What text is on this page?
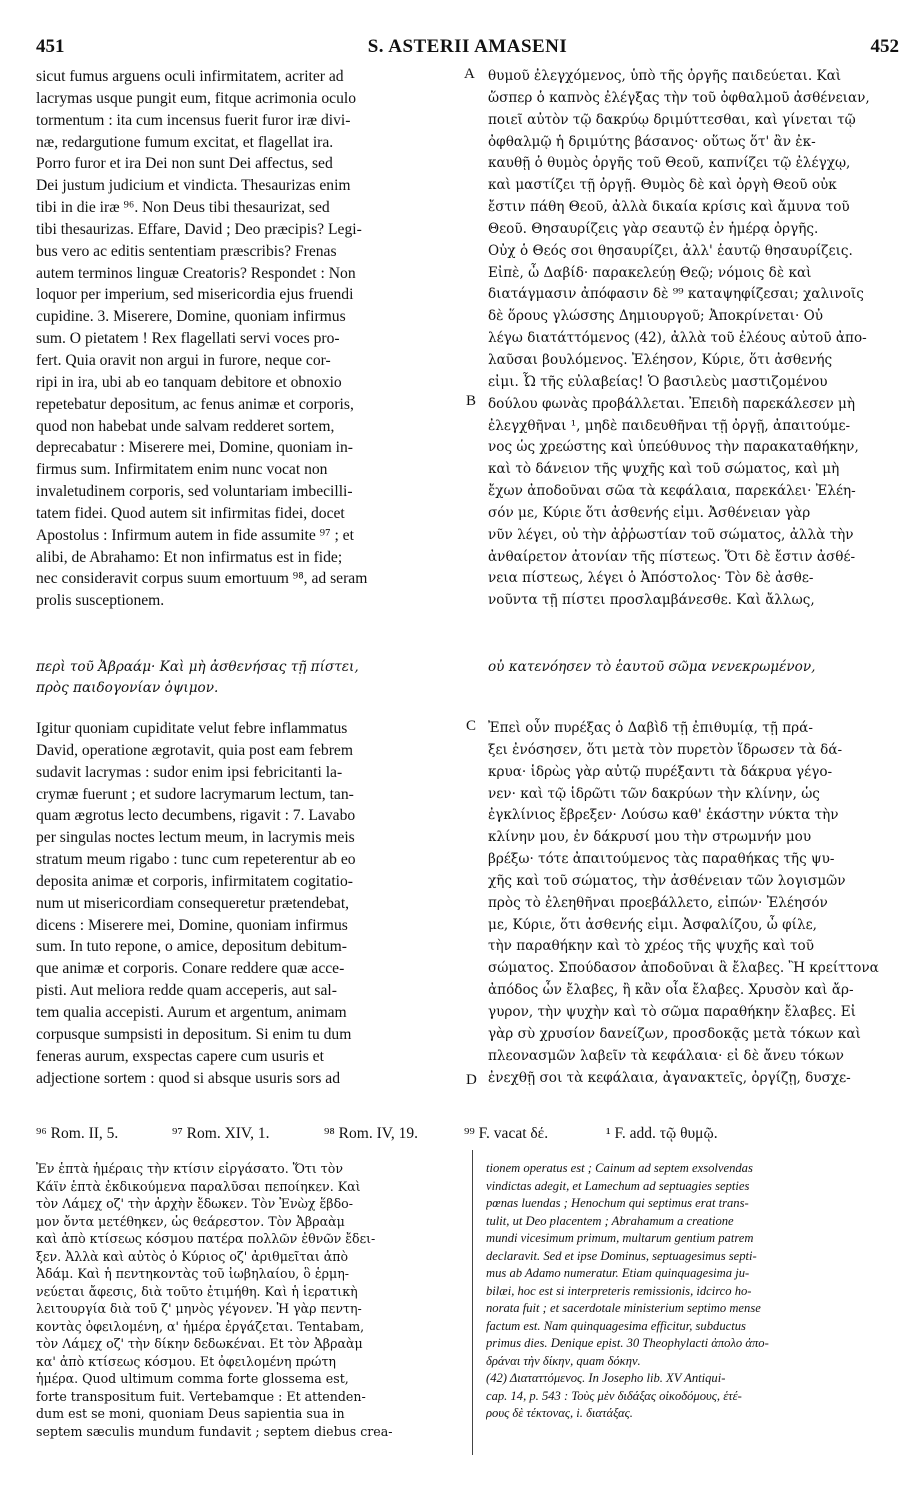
451	S. ASTERII AMASENI	452
sicut fumus arguens oculi infirmitatem, acriter ad
lacrymas usque pungit eum, fitque acrimonia oculo
tormentum : ita cum incensus fuerit furor iræ divi-
næ, redargutione fumum excitat, et flagellat ira.
Porro furor et ira Dei non sunt Dei affectus, sed
Dei justum judicium et vindicta. Thesaurizas enim
tibi in die iræ ⁹⁶. Non Deus tibi thesaurizat, sed
tibi thesaurizas. Effare, David ; Deo præcipis? Legi-
bus vero ac editis sententiam præscribis? Frenas
autem terminos linguæ Creatoris? Respondet : Non
loquor per imperium, sed misericordia ejus fruendi
cupidine. 3. Miserere, Domine, quoniam infirmus
sum. O pietatem ! Rex flagellati servi voces pro-
fert. Quia oravit non argui in furore, neque cor-
ripi in ira, ubi ab eo tanquam debitore et obnoxio
repetebatur depositum, ac fenus animæ et corporis,
quod non habebat unde salvam redderet sortem,
deprecabatur : Miserere mei, Domine, quoniam in-
firmus sum. Infirmitatem enim nunc vocat non
invaletudinem corporis, sed voluntariam imbecilli-
tatem fidei. Quod autem sit infirmitas fidei, docet
Apostolus : Infirmum autem in fide assumite ⁹⁷ ; et
alibi, de Abrahamo: Et non infirmatus est in fide;
nec consideravit corpus suum emortuum ⁹⁸, ad seram
prolis susceptionem.
θυμοῦ ἐλεγχόμενος, ὑπὸ τῆς ὀργῆς παιδεύεται. Καὶ
ὥσπερ ὁ καπνὸς ἐλέγξας τὴν τοῦ ὀφθαλμοῦ ἀσθένειαν,
ποιεῖ αὐτὸν τῷ δακρύῳ δριμύττεσθαι, καὶ γίνεται τῷ
ὀφθαλμῷ ἡ δριμύτης βάσανος· οὕτως ὅτ' ἂν ἐκ-
καυθῇ ὁ θυμὸς ὀργῆς τοῦ Θεοῦ, καπνίζει τῷ ἐλέγχῳ,
καὶ μαστίζει τῇ ὀργῇ. Θυμὸς δὲ καὶ ὀργὴ Θεοῦ οὐκ
ἔστιν πάθη Θεοῦ, ἀλλὰ δικαία κρίσις καὶ ἄμυνα τοῦ
Θεοῦ. Θησαυρίζεις γὰρ σεαυτῷ ἐν ἡμέρᾳ ὀργῆς.
Οὐχ ὁ Θεός σοι θησαυρίζει, ἀλλ' ἑαυτῷ θησαυρίζεις.
Εἰπὲ, ὦ Δαβίδ· παρακελεύῃ Θεῷ; νόμοις δὲ καὶ
διατάγμασιν ἀπόφασιν δὲ ⁹⁹ καταψηφίζεσαι; χαλινοῖς
δὲ ὅρους γλώσσης Δημιουργοῦ; Ἀποκρίνεται· Οὐ
λέγω διατάττόμενος (42), ἀλλὰ τοῦ ἐλέους αὐτοῦ ἀπο-
λαῦσαι βουλόμενος. Ἐλέησον, Κύριε, ὅτι ἀσθενής
εἰμι. Ὦ τῆς εὐλαβείας! Ὁ βασιλεὺς μαστιζομένου
δούλου φωνὰς προβάλλεται. Ἐπειδὴ παρεκάλεσεν μὴ
ἐλεγχθῆναι ¹, μηδὲ παιδευθῆναι τῇ ὀργῇ, ἀπαιτούμε-
νος ὡς χρεώστης καὶ ὑπεύθυνος τὴν παρακαταθήκην,
καὶ τὸ δάνειον τῆς ψυχῆς καὶ τοῦ σώματος, καὶ μὴ
ἔχων ἀποδοῦναι σῶα τὰ κεφάλαια, παρεκάλει· Ἐλέη-
σόν με, Κύριε ὅτι ἀσθενής εἰμι. Ἀσθένειαν γὰρ
νῦν λέγει, οὐ τὴν ἀῤῥωστίαν τοῦ σώματος, ἀλλὰ τὴν
ἀνθαίρετον ἀτονίαν τῆς πίστεως. Ὅτι δὲ ἔστιν ἀσθέ-
νεια πίστεως, λέγει ὁ Ἀπόστολος· Τὸν δὲ ἀσθε-
νοῦντα τῇ πίστει προσλαμβάνεσθε. Καὶ ἄλλως,
A
B
C
D
περὶ τοῦ Ἀβραάμ· Καὶ μὴ ἀσθενήσας τῇ πίστει,
πρὸς παιδογονίαν ὀψιμον.
οὐ κατενόησεν τὸ ἑαυτοῦ σῶμα νενεκρωμένον,
Igitur quoniam cupiditate velut febre inflammatus
David, operatione ægrotavit, quia post eam febrem
sudavit lacrymas : sudor enim ipsi febricitanti la-
crymæ fuerunt ; et sudore lacrymarum lectum, tan-
quam ægrotus lecto decumbens, rigavit : 7. Lavabo
per singulas noctes lectum meum, in lacrymis meis
stratum meum rigabo : tunc cum repeterentur ab eo
deposita animæ et corporis, infirmitatem cogitatio-
num ut misericordiam consequeretur prætendebat,
dicens : Miserere mei, Domine, quoniam infirmus
sum. In tuto repone, o amice, depositum debitum-
que animæ et corporis. Conare reddere quæ acce-
pisti. Aut meliora redde quam acceperis, aut sal-
tem qualia accepisti. Aurum et argentum, animam
corpusque sumpsisti in depositum. Si enim tu dum
feneras aurum, exspectas capere cum usuris et
adjectione sortem : quod si absque usuris sors ad
Ἐπεὶ οὖν πυρέξας ὁ Δαβὶδ τῇ ἐπιθυμίᾳ, τῇ πρά-
ξει ἐνόσησεν, ὅτι μετὰ τὸν πυρετὸν ἵδρωσεν τὰ δά-
κρυα· ἱδρὼς γὰρ αὐτῷ πυρέξαντι τὰ δάκρυα γέγο-
νεν· καὶ τῷ ἱδρῶτι τῶν δακρύων τὴν κλίνην, ὡς
ἐγκλίνιος ἔβρεξεν· Λούσω καθ' ἑκάστην νύκτα τὴν
κλίνην μου, ἐν δάκρυσί μου τὴν στρωμνήν μου
βρέξω· τότε ἀπαιτούμενος τὰς παραθήκας τῆς ψυ-
χῆς καὶ τοῦ σώματος, τὴν ἀσθένειαν τῶν λογισμῶν
πρὸς τὸ ἐλεηθῆναι προεβάλλετο, εἰπών· Ἐλέησόν
με, Κύριε, ὅτι ἀσθενής εἰμι. Ἀσφαλίζου, ὦ φίλε,
τὴν παραθήκην καὶ τὸ χρέος τῆς ψυχῆς καὶ τοῦ
σώματος. Σπούδασον ἀποδοῦναι ἃ ἔλαβες. Ἢ κρείττονα
ἀπόδος ὧν ἔλαβες, ἢ κἂν οἷα ἔλαβες. Χρυσὸν καὶ ἄρ-
γυρον, τὴν ψυχὴν καὶ τὸ σῶμα παραθήκην ἔλαβες. Εἰ
γὰρ σὺ χρυσίον δανείζων, προσδοκᾷς μετὰ τόκων καὶ
πλεονασμῶν λαβεῖν τὰ κεφάλαια· εἰ δὲ ἄνευ τόκων
ἐνεχθῇ σοι τὰ κεφάλαια, ἀγανακτεῖς, ὀργίζῃ, δυσχε-
⁹⁶ Rom. II, 5.	⁹⁷ Rom. XIV, 1.	⁹⁸ Rom. IV, 19.	⁹⁹ F. vacat δέ.	¹ F. add. τῷ θυμῷ.
Ἐν ἑπτὰ ἡμέραις τὴν κτίσιν εἰργάσατο. Ὅτι τὸν
Κάϊν ἑπτὰ ἐκδικούμενα παραλῦσαι πεποίηκεν. Καὶ
τὸν Λάμεχ οζ' τὴν ἀρχὴν ἔδωκεν. Τὸν Ἐνὼχ ἕβδο-
μον ὄντα μετέθηκεν, ὡς θεάρεστον. Τὸν Ἀβραὰμ
καὶ ἀπὸ κτίσεως κόσμου πατέρα πολλῶν ἐθνῶν ἔδει-
ξεν. Ἀλλὰ καὶ αὐτὸς ὁ Κύριος οζ' ἀριθμεῖται ἀπὸ
Ἀδάμ. Καὶ ἡ πεντηκοντὰς τοῦ ἰωβηλαίου, ὃ ἑρμη-
νεύεται ἄφεσις, διὰ τοῦτο ἐτιμήθη. Καὶ ἡ ἱερατικὴ
λειτουργία διὰ τοῦ ζ' μηνὸς γέγονεν. Ἡ γὰρ πεντη-
κοντὰς ὀφειλομένη, α' ἡμέρα ἐργάζεται. Tentabam,
τὸν Λάμεχ οζ' τὴν δίκην δεδωκέναι. Et τὸν Ἀβραὰμ
κα' ἀπὸ κτίσεως κόσμου. Et ὀφειλομένη πρώτη
ἡμέρα. Quod ultimum comma forte glossema est,
forte transpositum fuit. Vertebamque : Et attenden-
dum est se moni, quoniam Deus sapientia sua in
septem sæculis mundum fundavit ; septem diebus crea-
tionem operatus est ; Cainum ad septem exsolvendas
vindictas adegit, et Lamechum ad septuagies septies
pœnas luendas ; Henochum qui septimus erat trans-
tulit, ut Deo placentem ; Abrahamum a creatione
mundi vicesimum primum, multarum gentium patrem
declaravit. Sed et ipse Dominus, septuagesimus septi-
mus ab Adamo numeratur. Etiam quinquagesima ju-
bilæi, hoc est si interpreteris remissionis, idcirco ho-
norata fuit ; et sacerdotale ministerium septimo mense
factum est. Nam quinquagesima efficitur, subductus
primus dies. Denique epist. 30 Theophylacti ἀπολο ἀπο-
δράναι τὴν δίκην, quam δόκην.
(42) Διαταττόμενος. In Josepho lib. XV Antiqui-
cap. 14, p. 543 : Τοὺς μὲν διδάξας οἰκοδόμους, ἑτέ-
ρους δὲ τέκτονας, i. διατάξας.
